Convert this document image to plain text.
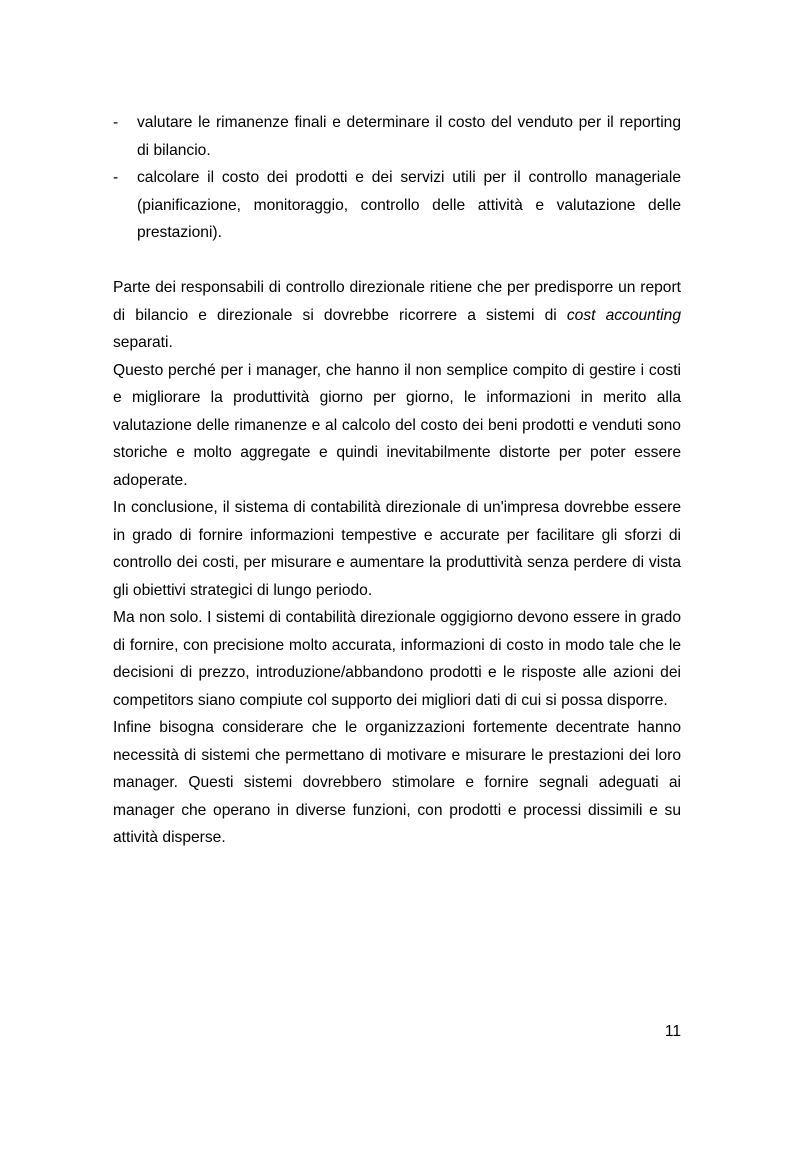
- valutare le rimanenze finali e determinare il costo del venduto per il reporting di bilancio.

- calcolare il costo dei prodotti e dei servizi utili per il controllo manageriale (pianificazione, monitoraggio, controllo delle attività e valutazione delle prestazioni).

Parte dei responsabili di controllo direzionale ritiene che per predisporre un report di bilancio e direzionale si dovrebbe ricorrere a sistemi di cost accounting separati.

Questo perché per i manager, che hanno il non semplice compito di gestire i costi e migliorare la produttività giorno per giorno, le informazioni in merito alla valutazione delle rimanenze e al calcolo del costo dei beni prodotti e venduti sono storiche e molto aggregate e quindi inevitabilmente distorte per poter essere adoperate.

In conclusione, il sistema di contabilità direzionale di un'impresa dovrebbe essere in grado di fornire informazioni tempestive e accurate per facilitare gli sforzi di controllo dei costi, per misurare e aumentare la produttività senza perdere di vista gli obiettivi strategici di lungo periodo.

Ma non solo. I sistemi di contabilità direzionale oggigiorno devono essere in grado di fornire, con precisione molto accurata, informazioni di costo in modo tale che le decisioni di prezzo, introduzione/abbandono prodotti e le risposte alle azioni dei competitors siano compiute col supporto dei migliori dati di cui si possa disporre.

Infine bisogna considerare che le organizzazioni fortemente decentrate hanno necessità di sistemi che permettano di motivare e misurare le prestazioni dei loro manager. Questi sistemi dovrebbero stimolare e fornire segnali adeguati ai manager che operano in diverse funzioni, con prodotti e processi dissimili e su attività disperse.

11
